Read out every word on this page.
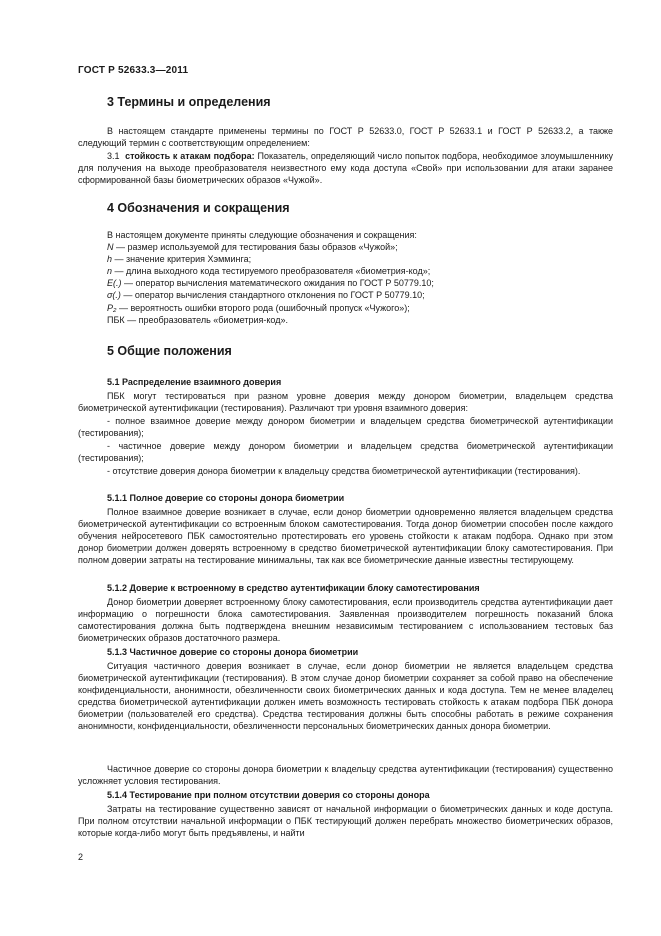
ГОСТ Р 52633.3—2011
3 Термины и определения
В настоящем стандарте применены термины по ГОСТ Р 52633.0, ГОСТ Р 52633.1 и ГОСТ Р 52633.2, а также следующий термин с соответствующим определением:
3.1 стойкость к атакам подбора: Показатель, определяющий число попыток подбора, необходимое злоумышленнику для получения на выходе преобразователя неизвестного ему кода доступа «Свой» при использовании для атаки заранее сформированной базы биометрических образов «Чужой».
4 Обозначения и сокращения
В настоящем документе приняты следующие обозначения и сокращения:
N — размер используемой для тестирования базы образов «Чужой»;
h — значение критерия Хэмминга;
n — длина выходного кода тестируемого преобразователя «биометрия-код»;
E(.) — оператор вычисления математического ожидания по ГОСТ Р 50779.10;
σ(.) — оператор вычисления стандартного отклонения по ГОСТ Р 50779.10;
P₂ — вероятность ошибки второго рода (ошибочный пропуск «Чужого»);
ПБК — преобразователь «биометрия-код».
5 Общие положения
5.1 Распределение взаимного доверия
ПБК могут тестироваться при разном уровне доверия между донором биометрии, владельцем средства биометрической аутентификации (тестирования). Различают три уровня взаимного доверия:
- полное взаимное доверие между донором биометрии и владельцем средства биометрической аутентификации (тестирования);
- частичное доверие между донором биометрии и владельцем средства биометрической аутентификации (тестирования);
- отсутствие доверия донора биометрии к владельцу средства биометрической аутентификации (тестирования).
5.1.1 Полное доверие со стороны донора биометрии
Полное взаимное доверие возникает в случае, если донор биометрии одновременно является владельцем средства биометрической аутентификации со встроенным блоком самотестирования. Тогда донор биометрии способен после каждого обучения нейросетевого ПБК самостоятельно протестировать его уровень стойкости к атакам подбора. Однако при этом донор биометрии должен доверять встроенному в средство биометрической аутентификации блоку самотестирования. При полном доверии затраты на тестирование минимальны, так как все биометрические данные известны тестирующему.
5.1.2 Доверие к встроенному в средство аутентификации блоку самотестирования
Донор биометрии доверяет встроенному блоку самотестирования, если производитель средства аутентификации дает информацию о погрешности блока самотестирования. Заявленная производителем погрешность показаний блока самотестирования должна быть подтверждена внешним независимым тестированием с использованием тестовых баз биометрических образов достаточного размера.
5.1.3 Частичное доверие со стороны донора биометрии
Ситуация частичного доверия возникает в случае, если донор биометрии не является владельцем средства биометрической аутентификации (тестирования). В этом случае донор биометрии сохраняет за собой право на обеспечение конфиденциальности, анонимности, обезличенности своих биометрических данных и кода доступа. Тем не менее владелец средства биометрической аутентификации должен иметь возможность тестировать стойкость к атакам подбора ПБК донора биометрии (пользователей его средства). Средства тестирования должны быть способны работать в режиме сохранения анонимности, конфиденциальности, обезличенности персональных биометрических данных донора биометрии.
Частичное доверие со стороны донора биометрии к владельцу средства аутентификации (тестирования) существенно усложняет условия тестирования.
5.1.4 Тестирование при полном отсутствии доверия со стороны донора
Затраты на тестирование существенно зависят от начальной информации о биометрических данных и коде доступа. При полном отсутствии начальной информации о ПБК тестирующий должен перебрать множество биометрических образов, которые когда-либо могут быть предъявлены, и найти
2
